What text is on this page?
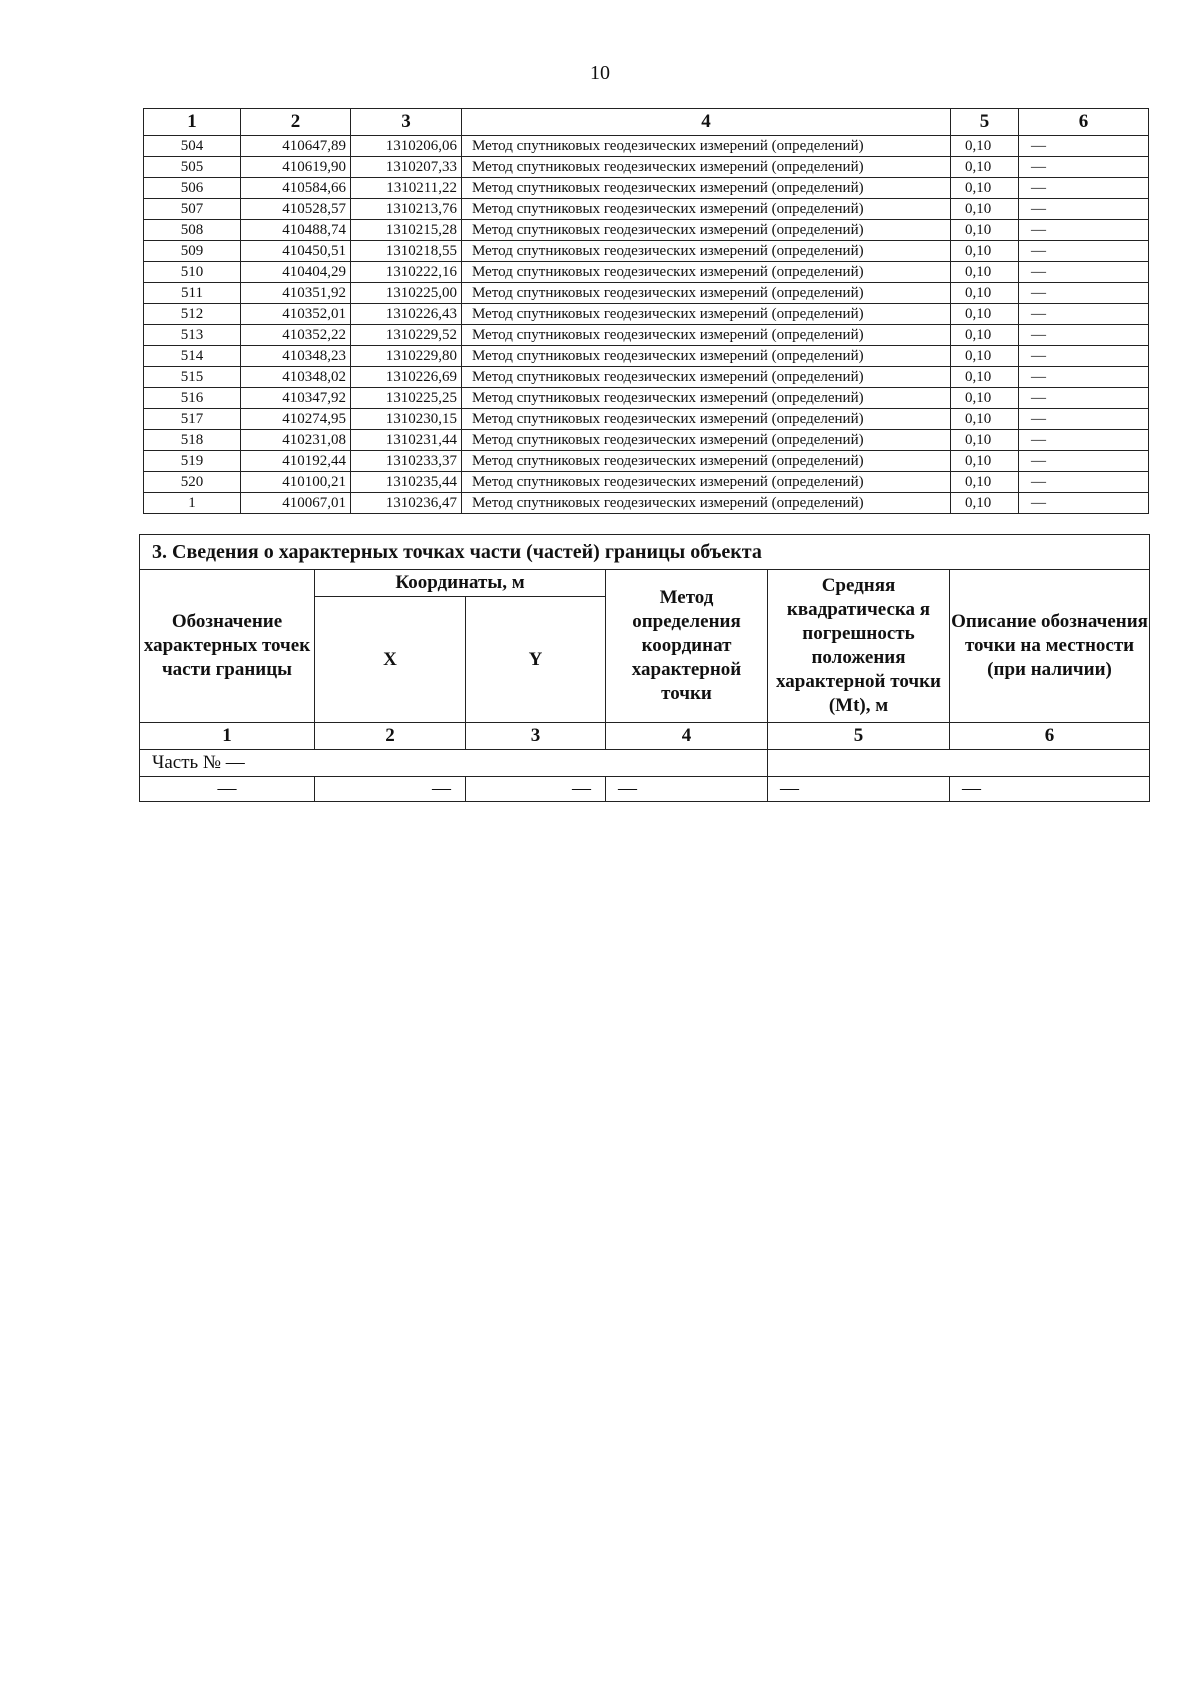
10
1	2	3	4	5	6
504	410647,89	1310206,06	Метод спутниковых геодезических измерений (определений)	0,10	—
505	410619,90	1310207,33	Метод спутниковых геодезических измерений (определений)	0,10	—
506	410584,66	1310211,22	Метод спутниковых геодезических измерений (определений)	0,10	—
507	410528,57	1310213,76	Метод спутниковых геодезических измерений (определений)	0,10	—
508	410488,74	1310215,28	Метод спутниковых геодезических измерений (определений)	0,10	—
509	410450,51	1310218,55	Метод спутниковых геодезических измерений (определений)	0,10	—
510	410404,29	1310222,16	Метод спутниковых геодезических измерений (определений)	0,10	—
511	410351,92	1310225,00	Метод спутниковых геодезических измерений (определений)	0,10	—
512	410352,01	1310226,43	Метод спутниковых геодезических измерений (определений)	0,10	—
513	410352,22	1310229,52	Метод спутниковых геодезических измерений (определений)	0,10	—
514	410348,23	1310229,80	Метод спутниковых геодезических измерений (определений)	0,10	—
515	410348,02	1310226,69	Метод спутниковых геодезических измерений (определений)	0,10	—
516	410347,92	1310225,25	Метод спутниковых геодезических измерений (определений)	0,10	—
517	410274,95	1310230,15	Метод спутниковых геодезических измерений (определений)	0,10	—
518	410231,08	1310231,44	Метод спутниковых геодезических измерений (определений)	0,10	—
519	410192,44	1310233,37	Метод спутниковых геодезических измерений (определений)	0,10	—
520	410100,21	1310235,44	Метод спутниковых геодезических измерений (определений)	0,10	—
1	410067,01	1310236,47	Метод спутниковых геодезических измерений (определений)	0,10	—
3. Сведения о характерных точках части (частей) границы объекта					
Обозначение характерных точек части границы	Координаты, м		Метод определения координат характерной точки	Средняя квадратическа я погрешность положения характерной точки (Mt), м	Описание обозначения точки на местности (при наличии)
	X	Y			
1	2	3	4	5	6
Часть № —					
—	—	—	—	—	—
